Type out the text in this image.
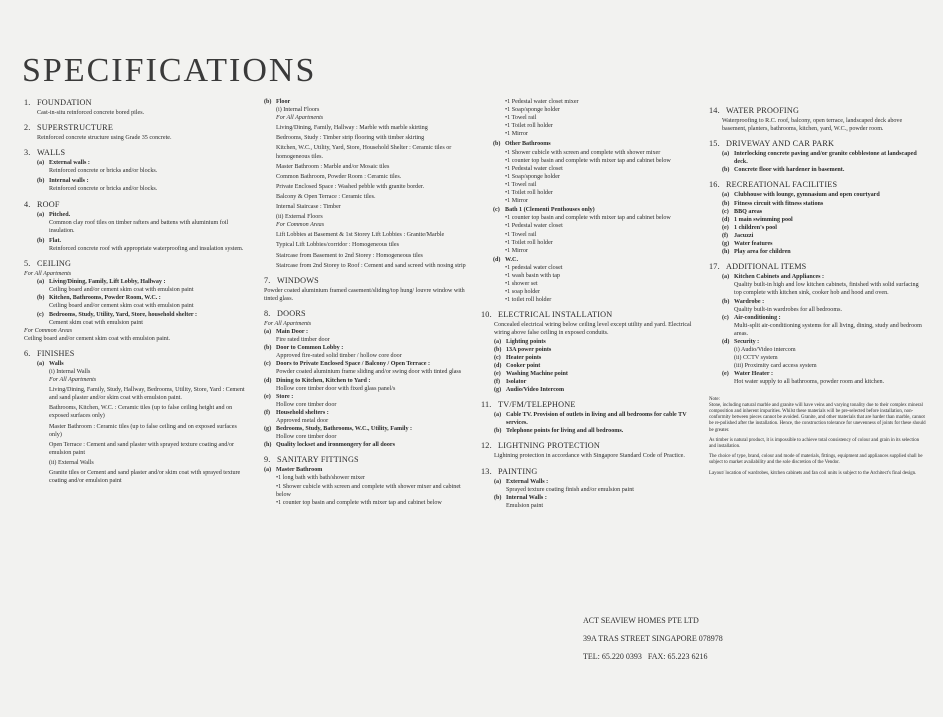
SPECIFICATIONS
1. FOUNDATION
Cast-in-situ reinforced concrete bored piles.
2. SUPERSTRUCTURE
Reinforced concrete structure using Grade 35 concrete.
3. WALLS
(a) External walls :
Reinforced concrete or bricks and/or blocks.
(b) Internal walls :
Reinforced concrete or bricks and/or blocks.
4. ROOF
(a) Pitched.
Common clay roof tiles on timber rafters and battens with aluminium foil insulation.
(b) Flat.
Reinforced concrete roof with appropriate waterproofing and insulation system.
5. CEILING
For All Apartments
(a) Living/Dining, Family, Lift Lobby, Hallway :
Ceiling board and/or cement skim coat with emulsion paint
(b) Kitchen, Bathrooms, Powder Room, W.C. :
Ceiling board and/or cement skim coat with emulsion paint
(c) Bedrooms, Study, Utility, Yard, Store, household shelter :
Cement skim coat with emulsion paint
For Common Areas
Ceiling board and/or cement skim coat with emulsion paint.
6. FINISHES
(a) Walls
(i) Internal Walls
For All Apartments
Living/Dining, Family, Study, Hallway, Bedrooms, Utility, Store, Yard : Cement and sand plaster and/or skim coat with emulsion paint.
Bathrooms, Kitchen, W.C. : Ceramic tiles (up to false ceiling height and on exposed surfaces only)
Master Bathroom : Ceramic tiles (up to false ceiling and on exposed surfaces only)
Open Terrace : Cement and sand plaster with sprayed texture coating and/or emulsion paint
(ii) External Walls
Granite tiles or Cement and sand plaster and/or skim coat with sprayed texture coating and/or emulsion paint
(b) Floor
(i) Internal Floors
For All Apartments
Living/Dining, Family, Hallway : Marble with marble skirting
Bedrooms, Study : Timber strip flooring with timber skirting
Kitchen, W.C., Utility, Yard, Store, Household Shelter : Ceramic tiles or homogeneous tiles.
Master Bathroom : Marble and/or Mosaic tiles
Common Bathroom, Powder Room : Ceramic tiles.
Private Enclosed Space : Washed pebble with granite border.
Balcony & Open Terrace : Ceramic tiles.
Internal Staircase : Timber
(ii) External Floors
For Common Areas
Lift Lobbies at Basement & 1st Storey Lift Lobbies : Granite/Marble
Typical Lift Lobbies/corridor : Homogeneous tiles
Staircase from Basement to 2nd Storey : Homogeneous tiles
Staircase from 2nd Storey to Roof : Cement and sand screed with nosing strip
7. WINDOWS
Powder coated aluminium framed casement/sliding/top hung/ louvre window with tinted glass.
8. DOORS
For All Apartments
(a) Main Door :
Fire rated timber door
(b) Door to Common Lobby :
Approved fire-rated solid timber / hollow core door
(c) Doors to Private Enclosed Space / Balcony / Open Terrace :
Powder coated aluminium frame sliding and/or swing door with tinted glass
(d) Dining to Kitchen, Kitchen to Yard :
Hollow core timber door with fixed glass panel/s
(e) Store :
Hollow core timber door
(f) Household shelters :
Approved metal door
(g) Bedrooms, Study, Bathrooms, W.C., Utility, Family :
Hollow core timber door
(h) Quality lockset and ironmongery for all doors
9. SANITARY FITTINGS
(a) Master Bathroom
• 1 long bath with bath/shower mixer
• 1 Shower cubicle with screen and complete with shower mixer and cabinet below
• 1 counter top basin and complete with mixer tap and cabinet below
• 1 Pedestal water closet mixer
• 1 Soap/sponge holder
• 1 Towel rail
• 1 Toilet roll holder
• 1 Mirror
(b) Other Bathrooms
• 1 Shower cubicle with screen and complete with shower mixer
• 1 counter top basin and complete with mixer tap and cabinet below
• 1 Pedestal water closet
• 1 Soap/sponge holder
• 1 Towel rail
• 1 Toilet roll holder
• 1 Mirror
(c) Bath 1 (Clementi Penthouses only)
• 1 counter top basin and complete with mixer tap and cabinet below
• 1 Pedestal water closet
• 1 Towel rail
• 1 Toilet roll holder
• 1 Mirror
(d) W.C.
• 1 pedestal water closet
• 1 wash basin with tap
• 1 shower set
• 1 soap holder
• 1 toilet roll holder
10. ELECTRICAL INSTALLATION
Concealed electrical wiring below ceiling level except utility and yard. Electrical wiring above false ceiling in exposed conduits.
(a) Lighting points
(b) 13A power points
(c) Heater points
(d) Cooker point
(e) Washing Machine point
(f) Isolator
(g) Audio/Video Intercom
11. TV/FM/TELEPHONE
(a) Cable TV. Provision of outlets in living and all bedrooms for cable TV services.
(b) Telephone points for living and all bedrooms.
12. LIGHTNING PROTECTION
Lightning protection in accordance with Singapore Standard Code of Practice.
13. PAINTING
(a) External Walls :
Sprayed texture coating finish and/or emulsion paint
(b) Internal Walls :
Emulsion paint
14. WATER PROOFING
Waterproofing to R.C. roof, balcony, open terrace, landscaped deck above basement, planters, bathrooms, kitchen, yard, W.C., powder room.
15. DRIVEWAY AND CAR PARK
(a) Interlocking concrete paving and/or granite cobblestone at landscaped deck.
(b) Concrete floor with hardener in basement.
16. RECREATIONAL FACILITIES
(a) Clubhouse with lounge, gymnasium and open courtyard
(b) Fitness circuit with fitness stations
(c) BBQ areas
(d) 1 main swimming pool
(e) 1 children's pool
(f) Jacuzzi
(g) Water features
(h) Play area for children
17. ADDITIONAL ITEMS
(a) Kitchen Cabinets and Appliances :
Quality built-in high and low kitchen cabinets, finished with solid surfacing top complete with kitchen sink, cooker hob and hood and oven.
(b) Wardrobe :
Quality built-in wardrobes for all bedrooms.
(c) Air-conditioning :
Multi-split air-conditioning systems for all living, dining, study and bedroom areas.
(d) Security :
(i) Audio/Video intercom
(ii) CCTV system
(iii) Proximity card access system
(e) Water Heater :
Hot water supply to all bathrooms, powder room and kitchen.
Note:

Stone, including natural marble and granite will have veins and varying tonality due to their complex mineral composition and inherent impurities. Whilst these materials will be pre-selected before installation, non-conformity between pieces cannot be avoided. Granite, and other materials that are harder than marble, cannot be re-polished after the installation. Hence, the construction tolerance for unevenness of joints for these should be greater.

As timber is natural product, it is impossible to achieve total consistency of colour and grain in its selection and installation.

The choice of type, brand, colour and mode of materials, fittings, equipment and appliances supplied shall be subject to market availability and the sole discretion of the Vendor.

Layout/ location of wardrobes, kitchen cabinets and fan coil units is subject to the Architect's final design.

ACT SEAVIEW HOMES PTE LTD
39A TRAS STREET SINGAPORE 078978
TEL: 65.220 0393   FAX: 65.223 6216
